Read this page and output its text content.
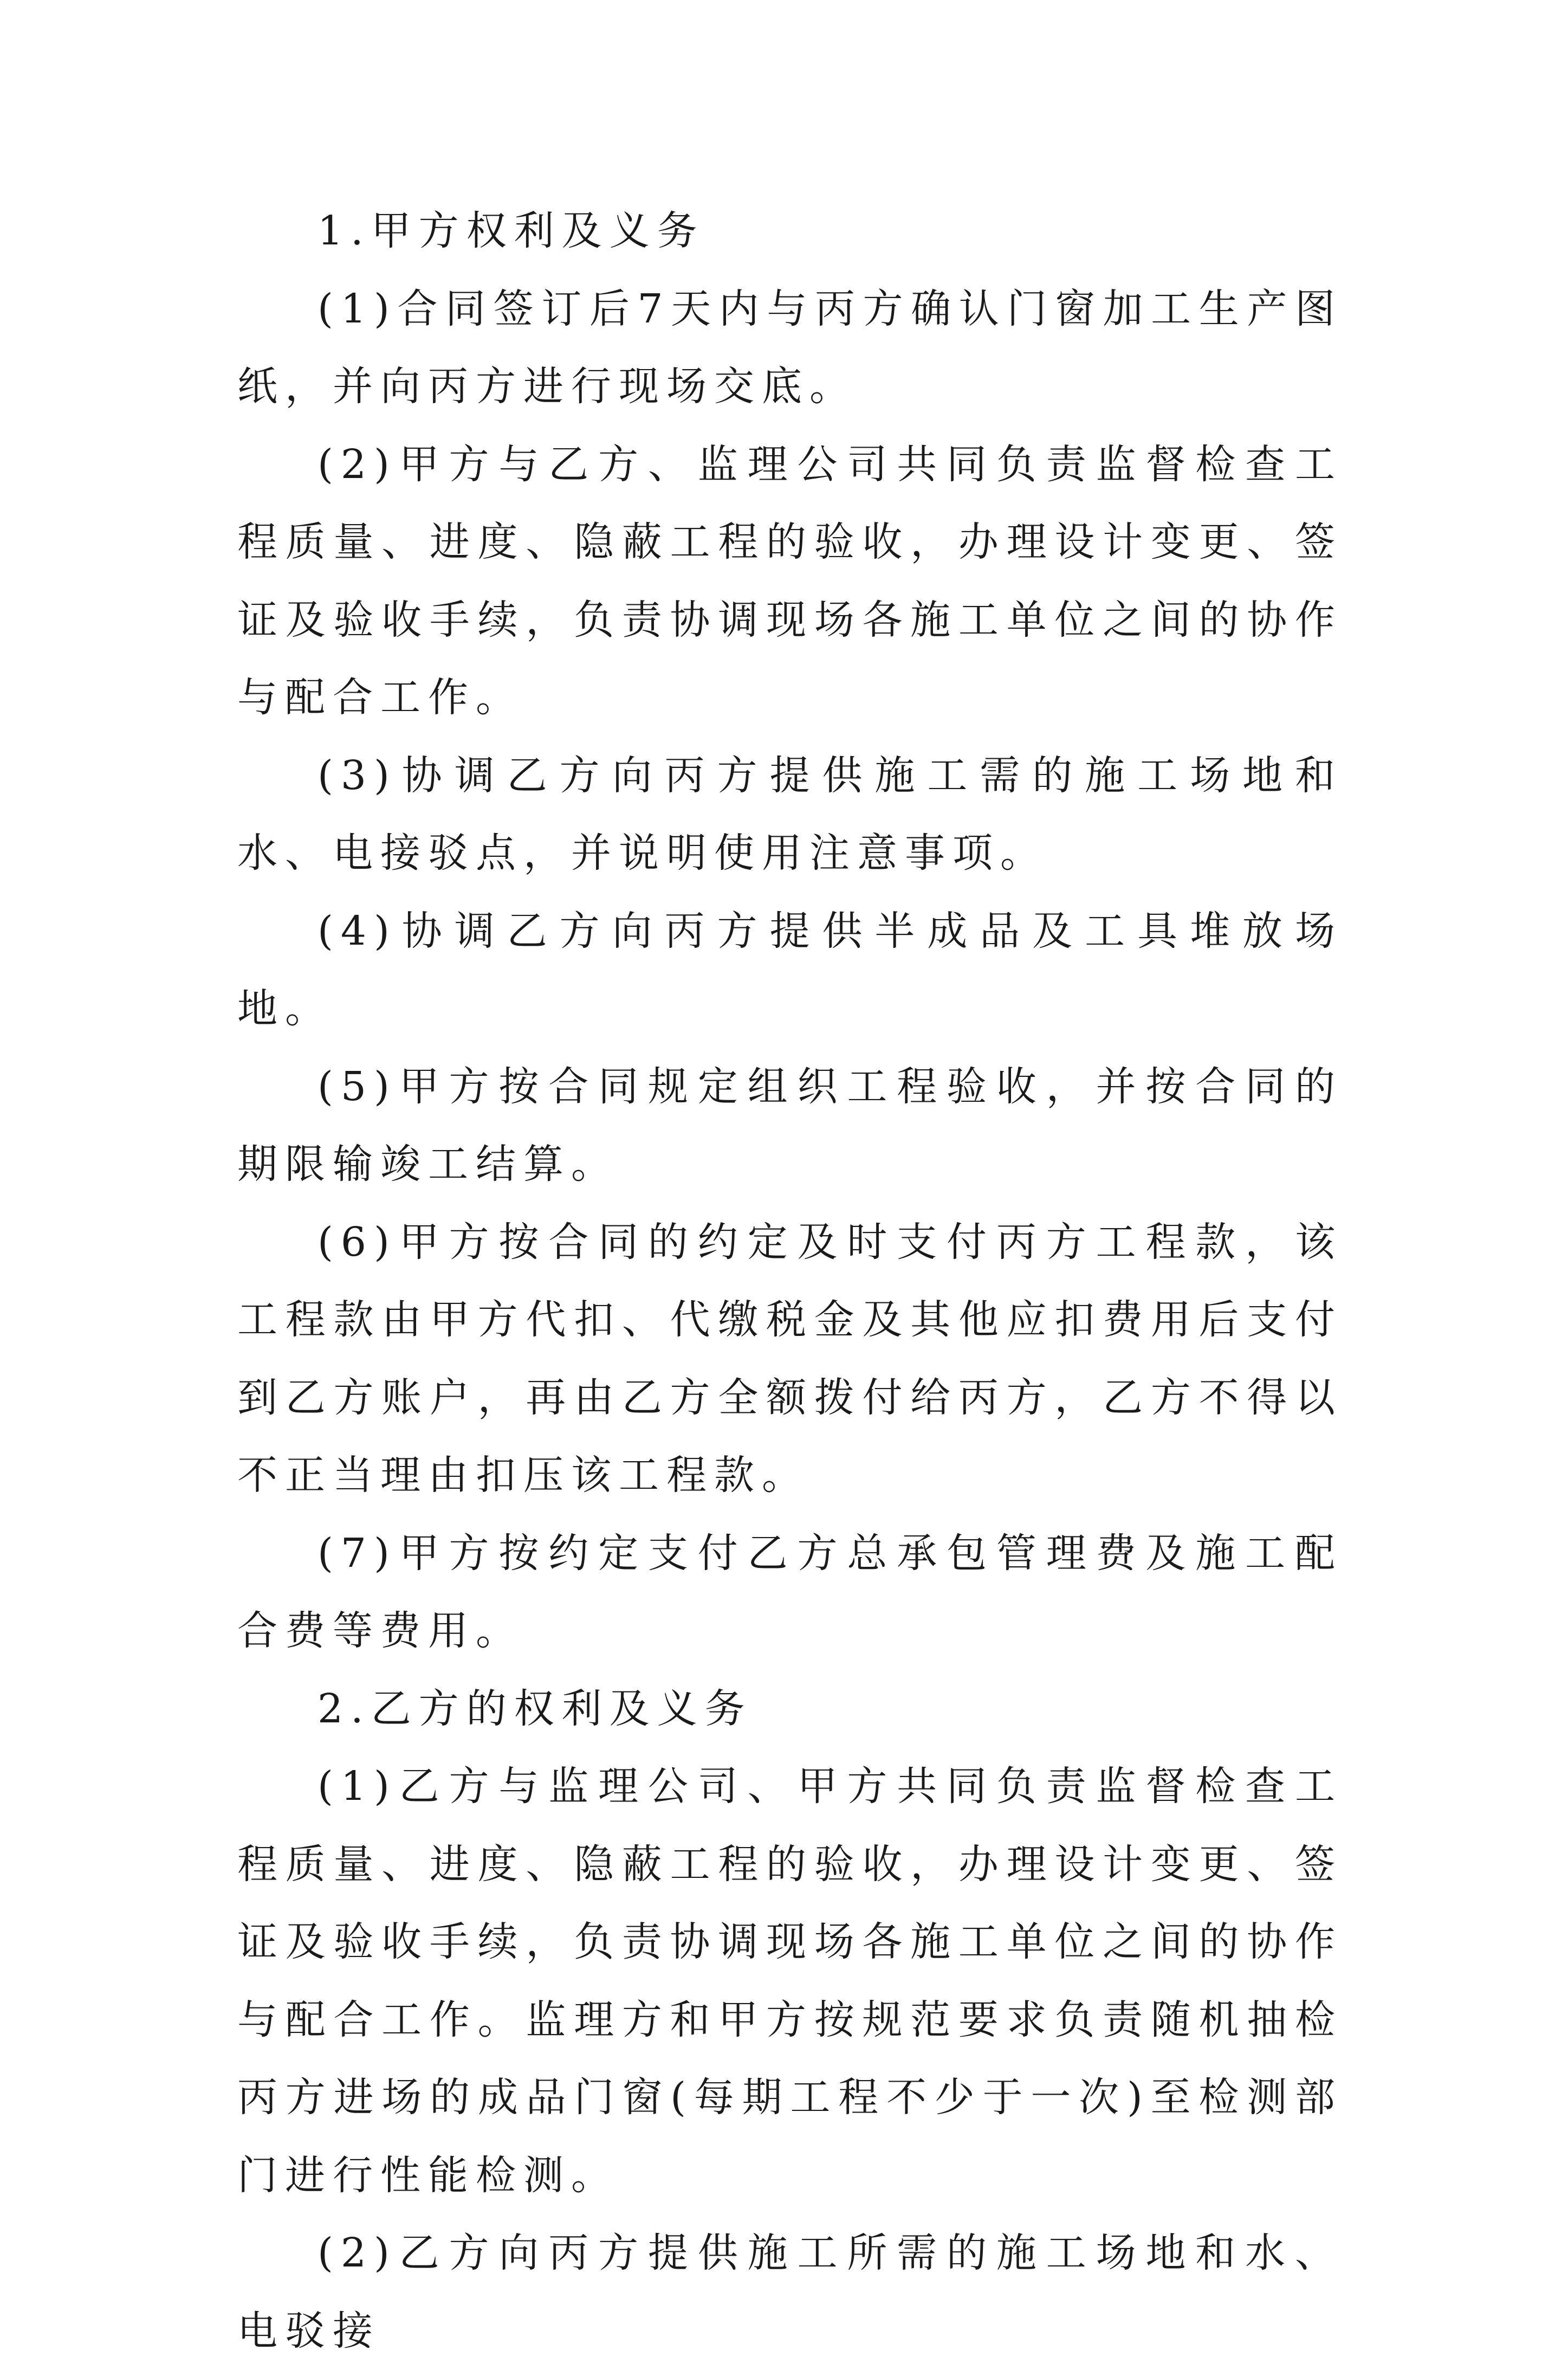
1.甲方权利及义务

(1)合同签订后7天内与丙方确认门窗加工生产图纸，并向丙方进行现场交底。

(2)甲方与乙方、监理公司共同负责监督检查工程质量、进度、隐蔽工程的验收，办理设计变更、签证及验收手续，负责协调现场各施工单位之间的协作与配合工作。

(3)协调乙方向丙方提供施工需的施工场地和水、电接驳点，并说明使用注意事项。

(4)协调乙方向丙方提供半成品及工具堆放场地。

(5)甲方按合同规定组织工程验收，并按合同的期限输竣工结算。

(6)甲方按合同的约定及时支付丙方工程款，该工程款由甲方代扣、代缴税金及其他应扣费用后支付到乙方账户，再由乙方全额拨付给丙方，乙方不得以不正当理由扣压该工程款。

(7)甲方按约定支付乙方总承包管理费及施工配合费等费用。

2.乙方的权利及义务

(1)乙方与监理公司、甲方共同负责监督检查工程质量、进度、隐蔽工程的验收，办理设计变更、签证及验收手续，负责协调现场各施工单位之间的协作与配合工作。监理方和甲方按规范要求负责随机抽检丙方进场的成品门窗(每期工程不少于一次)至检测部门进行性能检测。

(2)乙方向丙方提供施工所需的施工场地和水、电驳接
